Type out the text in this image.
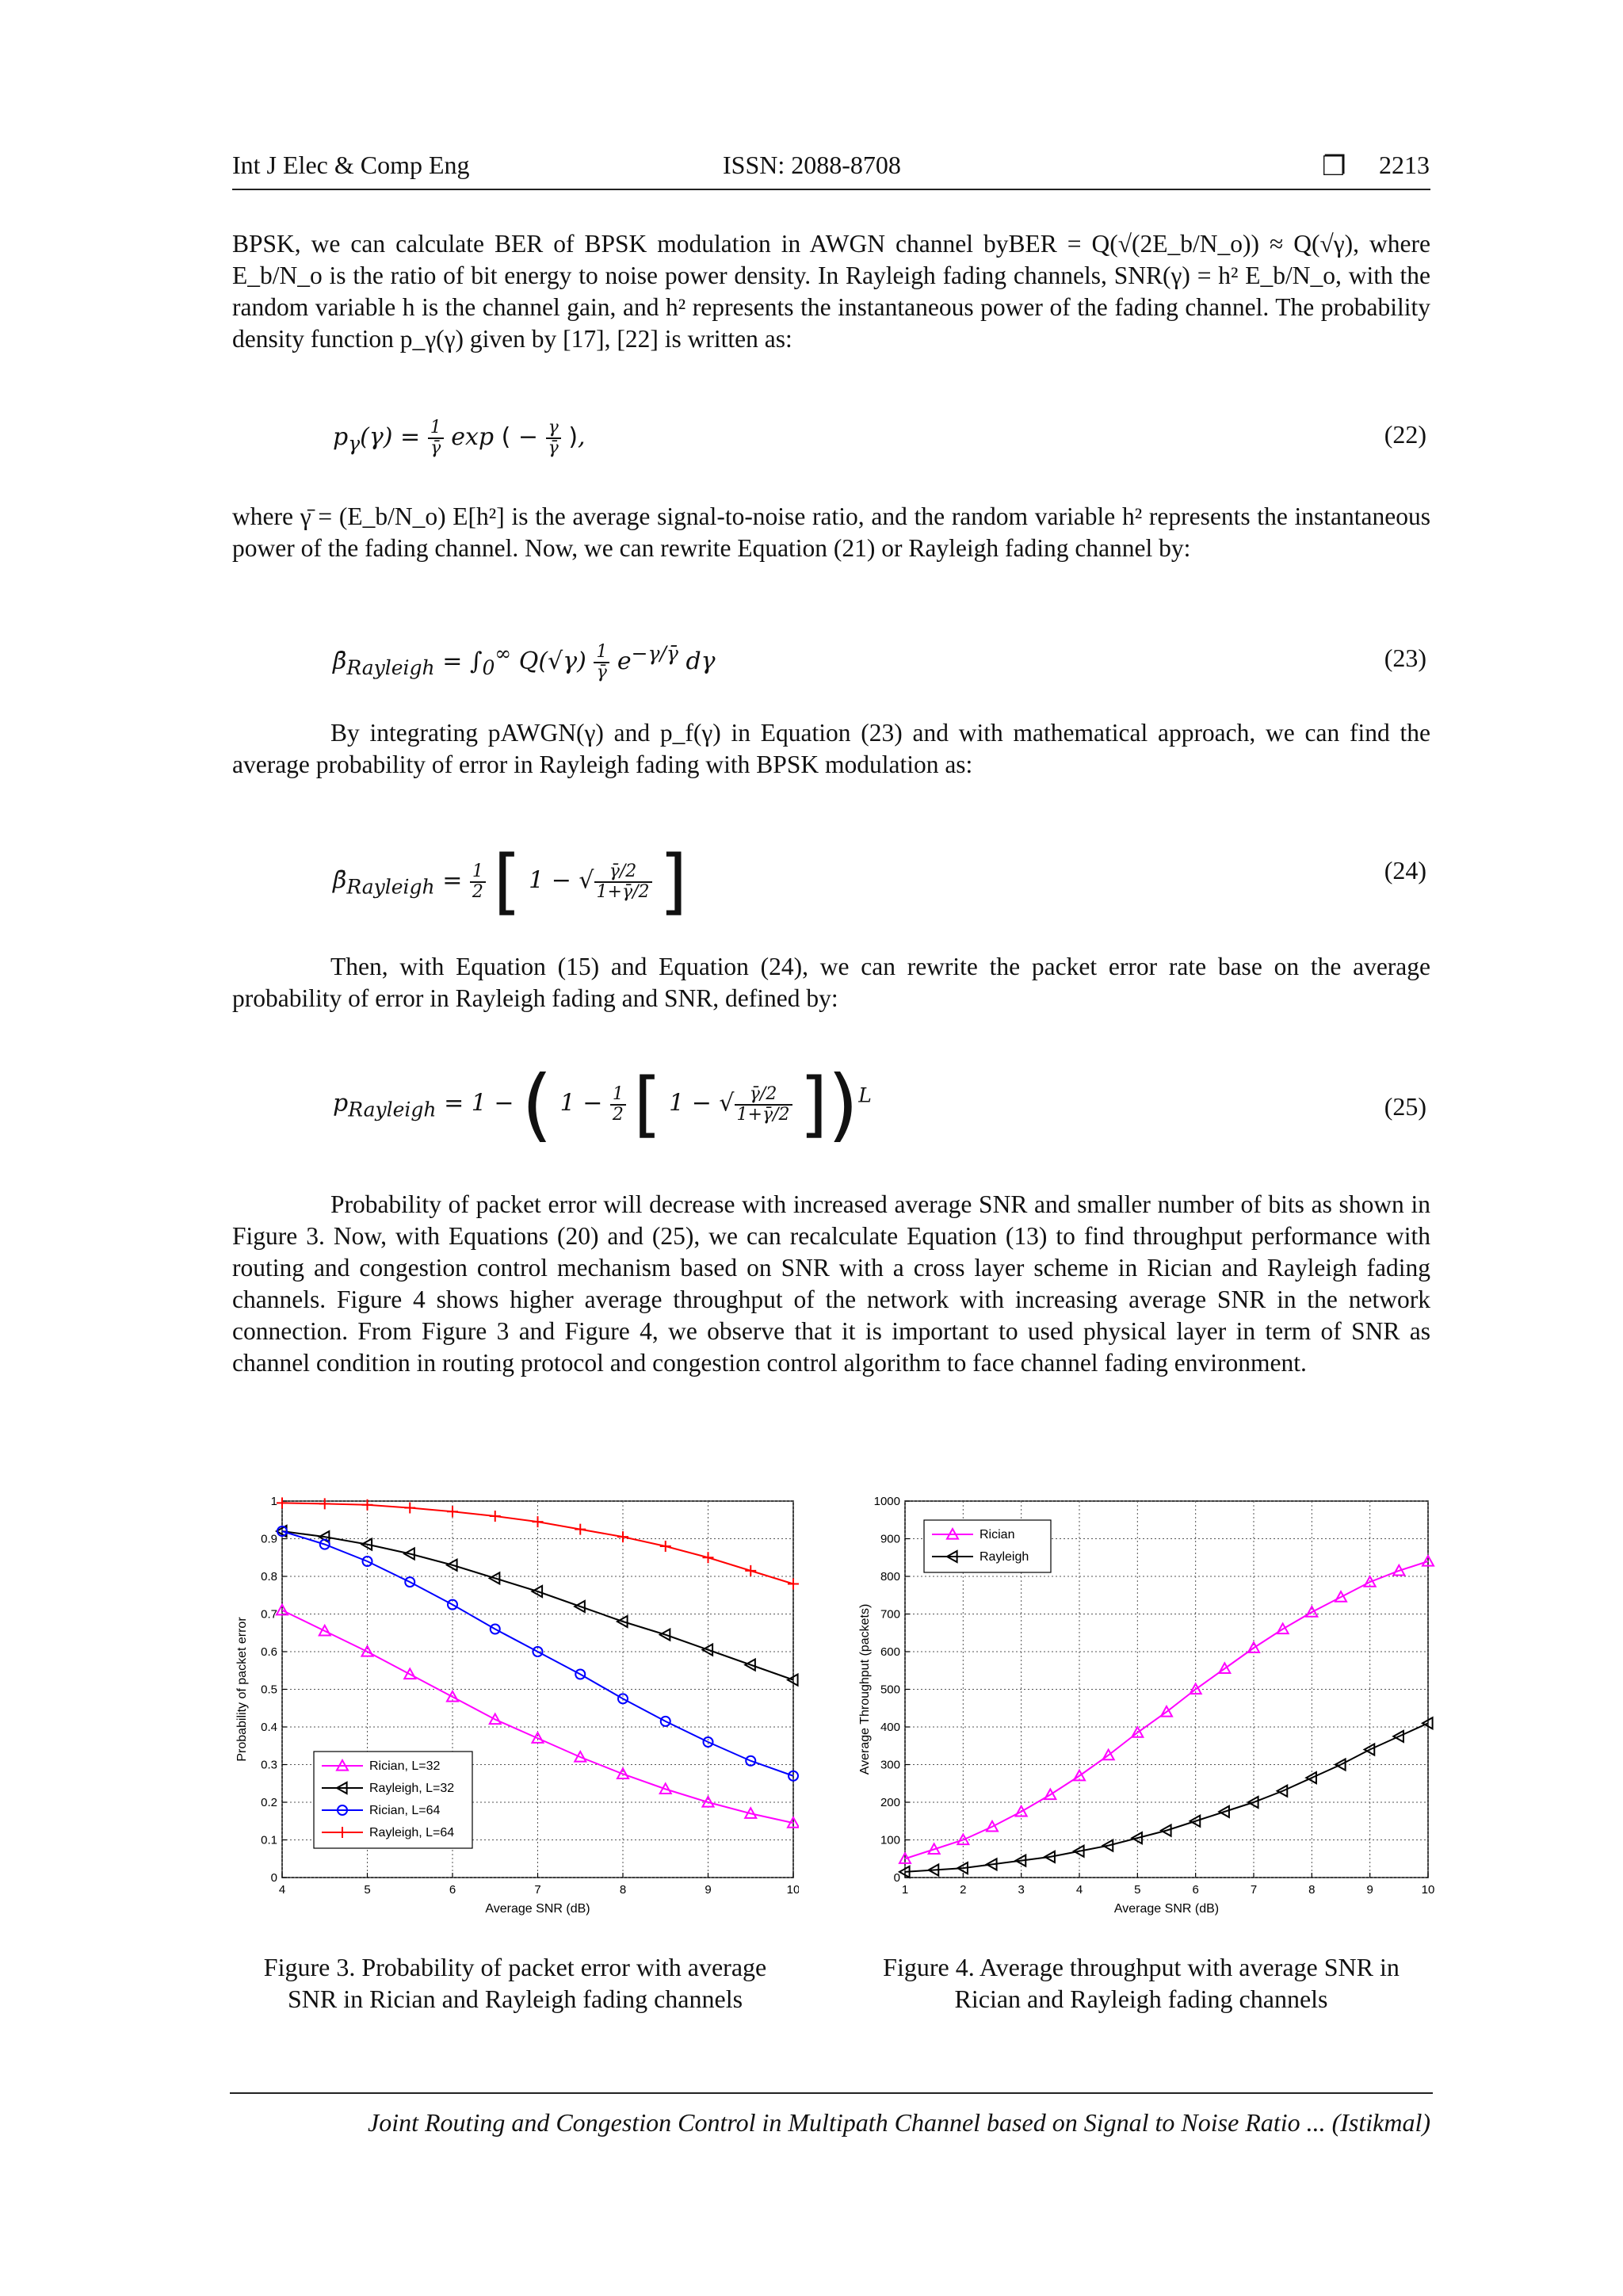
Int J Elec & Comp Eng	ISSN: 2088-8708	❐ 2213

BPSK, we can calculate BER of BPSK modulation in AWGN channel byBER = Q(√(2E_b/N_o)) ≈ Q(√γ), where E_b/N_o is the ratio of bit energy to noise power density. In Rayleigh fading channels, SNR(γ) = h² E_b/N_o, with the random variable h is the channel gain, and h² represents the instantaneous power of the fading channel. The probability density function p_γ(γ) given by [17], [22] is written as:

$p_\gamma(\gamma) = \frac{1}{\gammā}$ exp ( − $\frac{\gamma}{\gammā}$ ),	(22)

where γ̄ = (E_b/N_o) E[h²] is the average signal-to-noise ratio, and the random variable h² represents the instantaneous power of the fading channel. Now, we can rewrite Equation (21) or Rayleigh fading channel by:

$\betā_{Rayleigh} = \int_0^\infty$ $Q(√\gamma) \frac{1}{\gammā} e^{-\gamma/\gammā}$ dγ	(23)

By integrating pAWGN(γ) and p_f(γ) in Equation (23) and with mathematical approach, we can find the average probability of error in Rayleigh fading with BPSK modulation as:

$\betā_{Rayleigh} = \frac{1}{2}$ [ 1 − √ $\frac{\gammā/2}{1+\gammā/2}$ ]	(24)

Then, with Equation (15) and Equation (24), we can rewrite the packet error rate base on the average probability of error in Rayleigh fading and SNR, defined by:

$p_{Rayleigh} = 1$ − ( $1 - \frac{1}{2}$ [ 1 − √ $\frac{\gammā/2}{1+\gammā/2} ])^L$	(25)

Probability of packet error will decrease with increased average SNR and smaller number of bits as shown in Figure 3. Now, with Equations (20) and (25), we can recalculate Equation (13) to find throughput performance with routing and congestion control mechanism based on SNR with a cross layer scheme in Rician and Rayleigh fading channels. Figure 4 shows higher average throughput of the network with increasing average SNR in the network connection. From Figure 3 and Figure 4, we observe that it is important to used physical layer in term of SNR as channel condition in routing protocol and congestion control algorithm to face channel fading environment.

4	5	6	7	8	9	10
0
0.1
0.2
0.3
0.4
0.5
0.6
0.7
0.8
0.9
1
Average SNR (dB)
Probability of packet error
Rician, L=32
Rayleigh, L=32
Rician, L=64
Rayleigh, L=64
1	2	3	4	5	6	7	8	9	10
0
100
200
300
400
500
600
700
800
900
1000
Average SNR (dB)
Average Throughput (packets)
Rician
Rayleigh
Figure 3. Probability of packet error with average
SNR in Rician and Rayleigh fading channels
Figure 4. Average throughput with average SNR in
Rician and Rayleigh fading channels
Joint Routing and Congestion Control in Multipath Channel based on Signal to Noise Ratio ... (Istikmal)
